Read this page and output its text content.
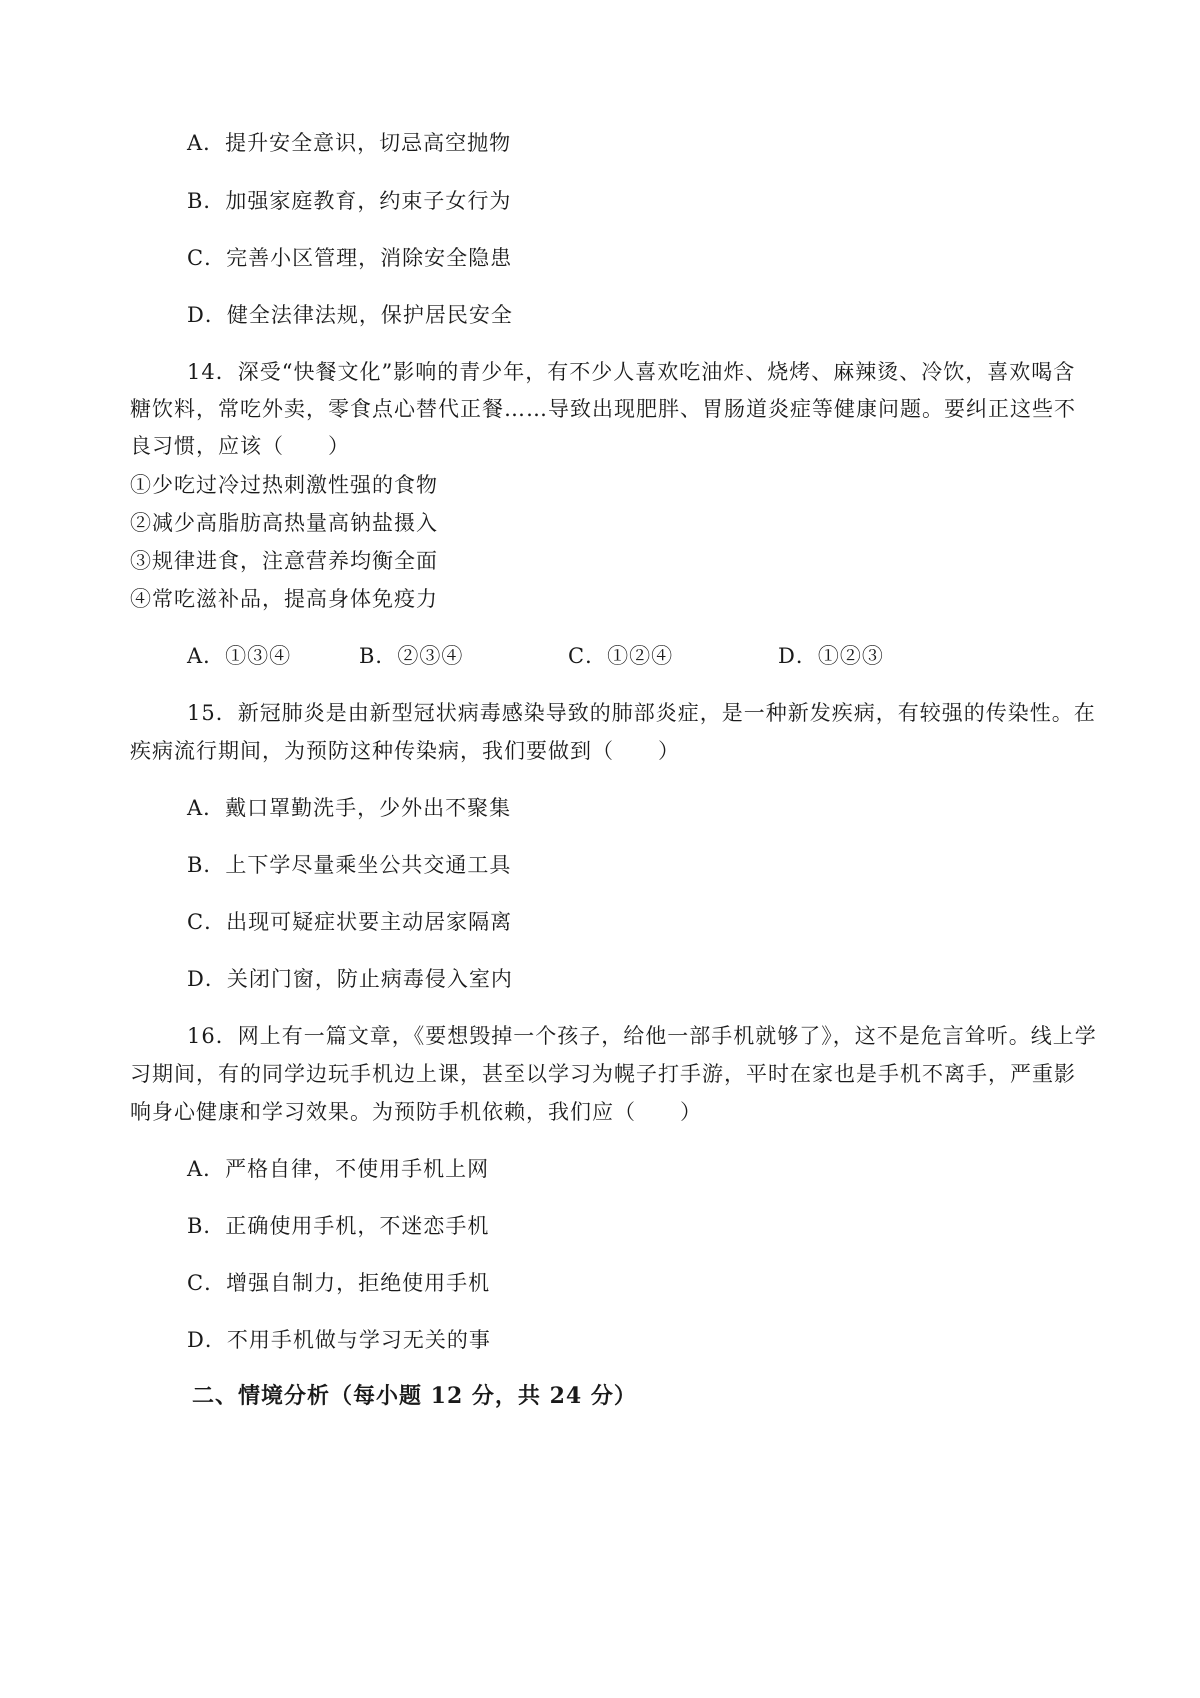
A．提升安全意识，切忌高空抛物
B．加强家庭教育，约束子女行为
C．完善小区管理，消除安全隐患
D．健全法律法规，保护居民安全
14．深受“快餐文化”影响的青少年，有不少人喜欢吃油炸、烧烤、麻辣烫、冷饮，喜欢喝含
糖饮料，常吃外卖，零食点心替代正餐……导致出现肥胖、胃肠道炎症等健康问题。要纠正这些不
良习惯，应该（　　）
①少吃过冷过热刺激性强的食物
②减少高脂肪高热量高钠盐摄入
③规律进食，注意营养均衡全面
④常吃滋补品，提高身体免疫力
A．①③④	B．②③④	C．①②④	D．①②③
15．新冠肺炎是由新型冠状病毒感染导致的肺部炎症，是一种新发疾病，有较强的传染性。在
疾病流行期间，为预防这种传染病，我们要做到（　　）
A．戴口罩勤洗手，少外出不聚集
B．上下学尽量乘坐公共交通工具
C．出现可疑症状要主动居家隔离
D．关闭门窗，防止病毒侵入室内
16．网上有一篇文章，《要想毁掉一个孩子，给他一部手机就够了》，这不是危言耸听。线上学
习期间，有的同学边玩手机边上课，甚至以学习为幌子打手游，平时在家也是手机不离手，严重影
响身心健康和学习效果。为预防手机依赖，我们应（　　）
A．严格自律，不使用手机上网
B．正确使用手机，不迷恋手机
C．增强自制力，拒绝使用手机
D．不用手机做与学习无关的事
二、情境分析（每小题 12 分，共 24 分）
